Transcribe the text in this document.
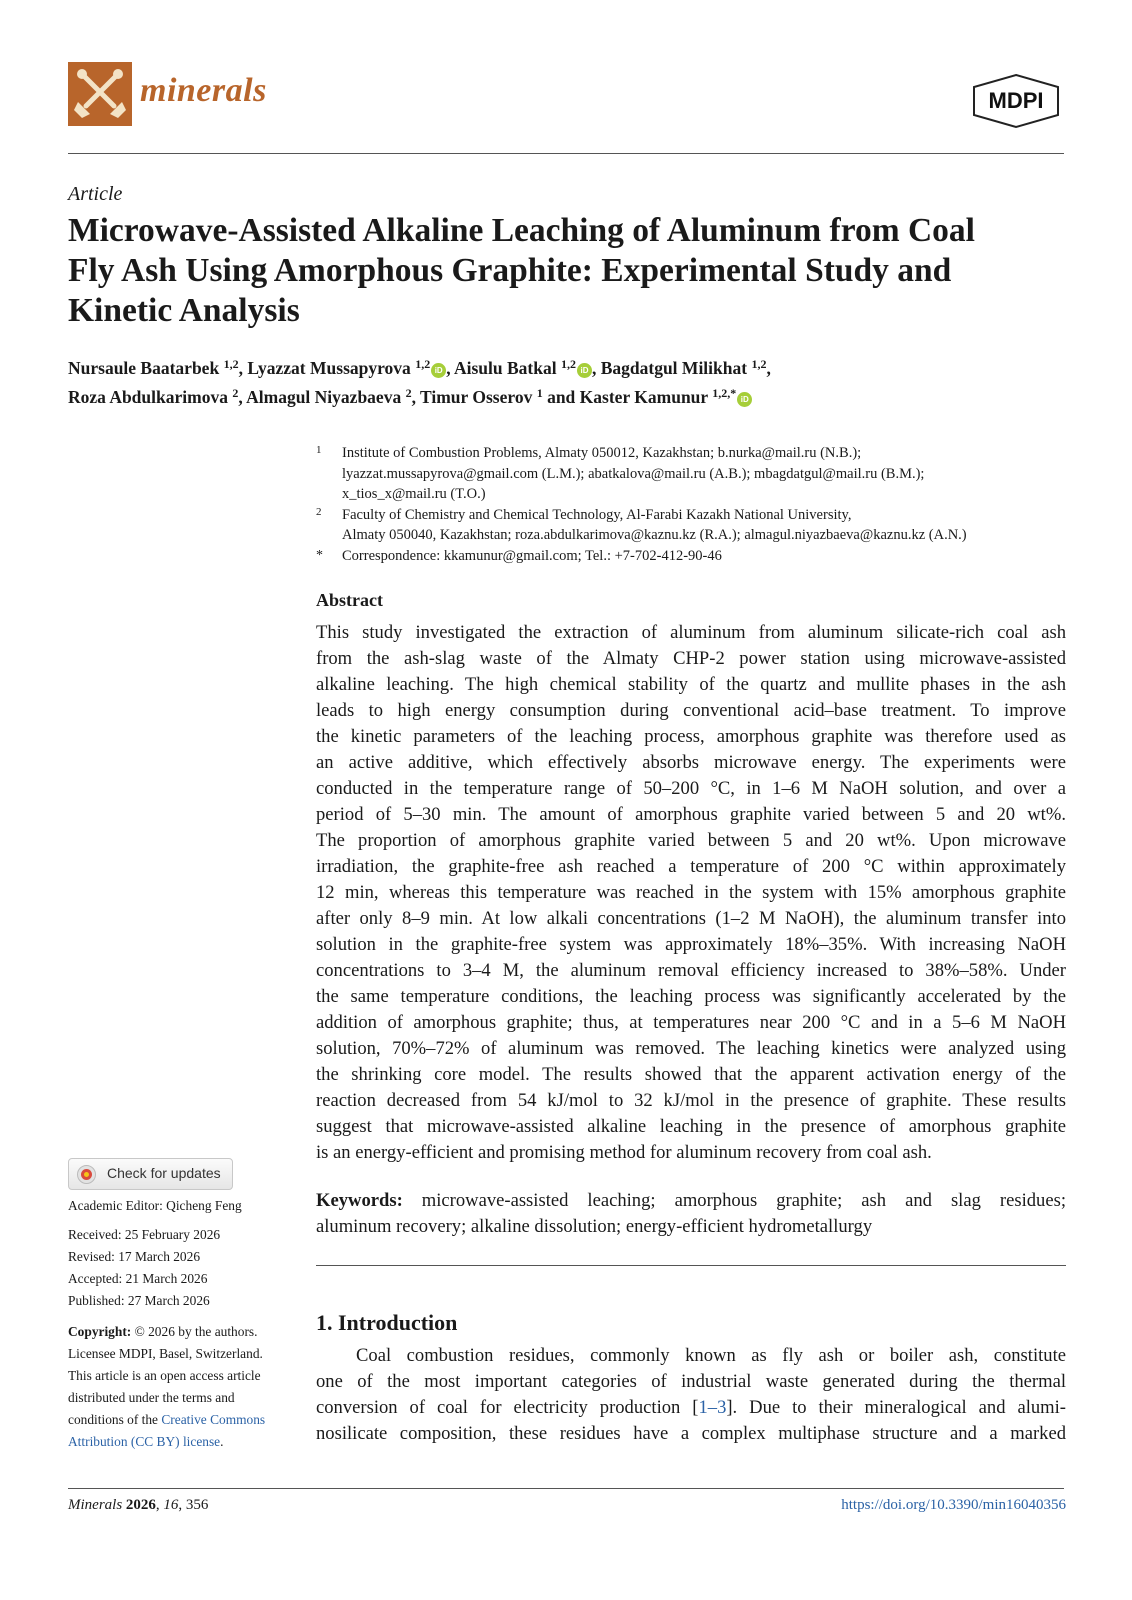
minerals	MDPI
Article
Microwave-Assisted Alkaline Leaching of Aluminum from Coal
Fly Ash Using Amorphous Graphite: Experimental Study and
Kinetic Analysis
Nursaule Baatarbek $^{1,2}$, Lyazzat Mussapyrova $^{1,2}$ iD , Aisulu Batkal $^{1,2}$ iD , Bagdatgul Milikhat $^{1,2}$,
Roza Abdulkarimova $^2$, Almagul Niyazbaeva $^2$, Timur Osserov $^1$ and Kaster Kamunur $^{1,2,*}$ iD
1 Institute of Combustion Problems, Almaty 050012, Kazakhstan; b.nurka@mail.ru (N.B.);
lyazzat.mussapyrova@gmail.com (L.M.); abatkalova@mail.ru (A.B.); mbagdatgul@mail.ru (B.M.);
x_tios_x@mail.ru (T.O.)
2 Faculty of Chemistry and Chemical Technology, Al-Farabi Kazakh National University,
Almaty 050040, Kazakhstan; roza.abdulkarimova@kaznu.kz (R.A.); almagul.niyazbaeva@kaznu.kz (A.N.)
* Correspondence: kkamunur@gmail.com; Tel.: +7-702-412-90-46
Abstract
This study investigated the extraction of aluminum from aluminum silicate-rich coal ash
from the ash-slag waste of the Almaty CHP-2 power station using microwave-assisted
alkaline leaching. The high chemical stability of the quartz and mullite phases in the ash
leads to high energy consumption during conventional acid–base treatment. To improve
the kinetic parameters of the leaching process, amorphous graphite was therefore used as
an active additive, which effectively absorbs microwave energy. The experiments were
conducted in the temperature range of 50–200 °C, in 1–6 M NaOH solution, and over a
period of 5–30 min. The amount of amorphous graphite varied between 5 and 20 wt%.
The proportion of amorphous graphite varied between 5 and 20 wt%. Upon microwave
irradiation, the graphite-free ash reached a temperature of 200 °C within approximately
12 min, whereas this temperature was reached in the system with 15% amorphous graphite
after only 8–9 min. At low alkali concentrations (1–2 M NaOH), the aluminum transfer into
solution in the graphite-free system was approximately 18%–35%. With increasing NaOH
concentrations to 3–4 M, the aluminum removal efficiency increased to 38%–58%. Under
the same temperature conditions, the leaching process was significantly accelerated by the
addition of amorphous graphite; thus, at temperatures near 200 °C and in a 5–6 M NaOH
solution, 70%–72% of aluminum was removed. The leaching kinetics were analyzed using
the shrinking core model. The results showed that the apparent activation energy of the
reaction decreased from 54 kJ/mol to 32 kJ/mol in the presence of graphite. These results
suggest that microwave-assisted alkaline leaching in the presence of amorphous graphite
is an energy-efficient and promising method for aluminum recovery from coal ash.
Keywords: microwave-assisted leaching; amorphous graphite; ash and slag residues;
aluminum recovery; alkaline dissolution; energy-efficient hydrometallurgy
1. Introduction
Coal combustion residues, commonly known as fly ash or boiler ash, constitute
one of the most important categories of industrial waste generated during the thermal
conversion of coal for electricity production [1–3]. Due to their mineralogical and alumi-
nosilicate composition, these residues have a complex multiphase structure and a marked
Check for updates
Academic Editor: Qicheng Feng
Received: 25 February 2026
Revised: 17 March 2026
Accepted: 21 March 2026
Published: 27 March 2026
Copyright: © 2026 by the authors.
Licensee MDPI, Basel, Switzerland.
This article is an open access article
distributed under the terms and
conditions of the Creative Commons
Attribution (CC BY) license.
Minerals 2026, 16, 356	https://doi.org/10.3390/min16040356
